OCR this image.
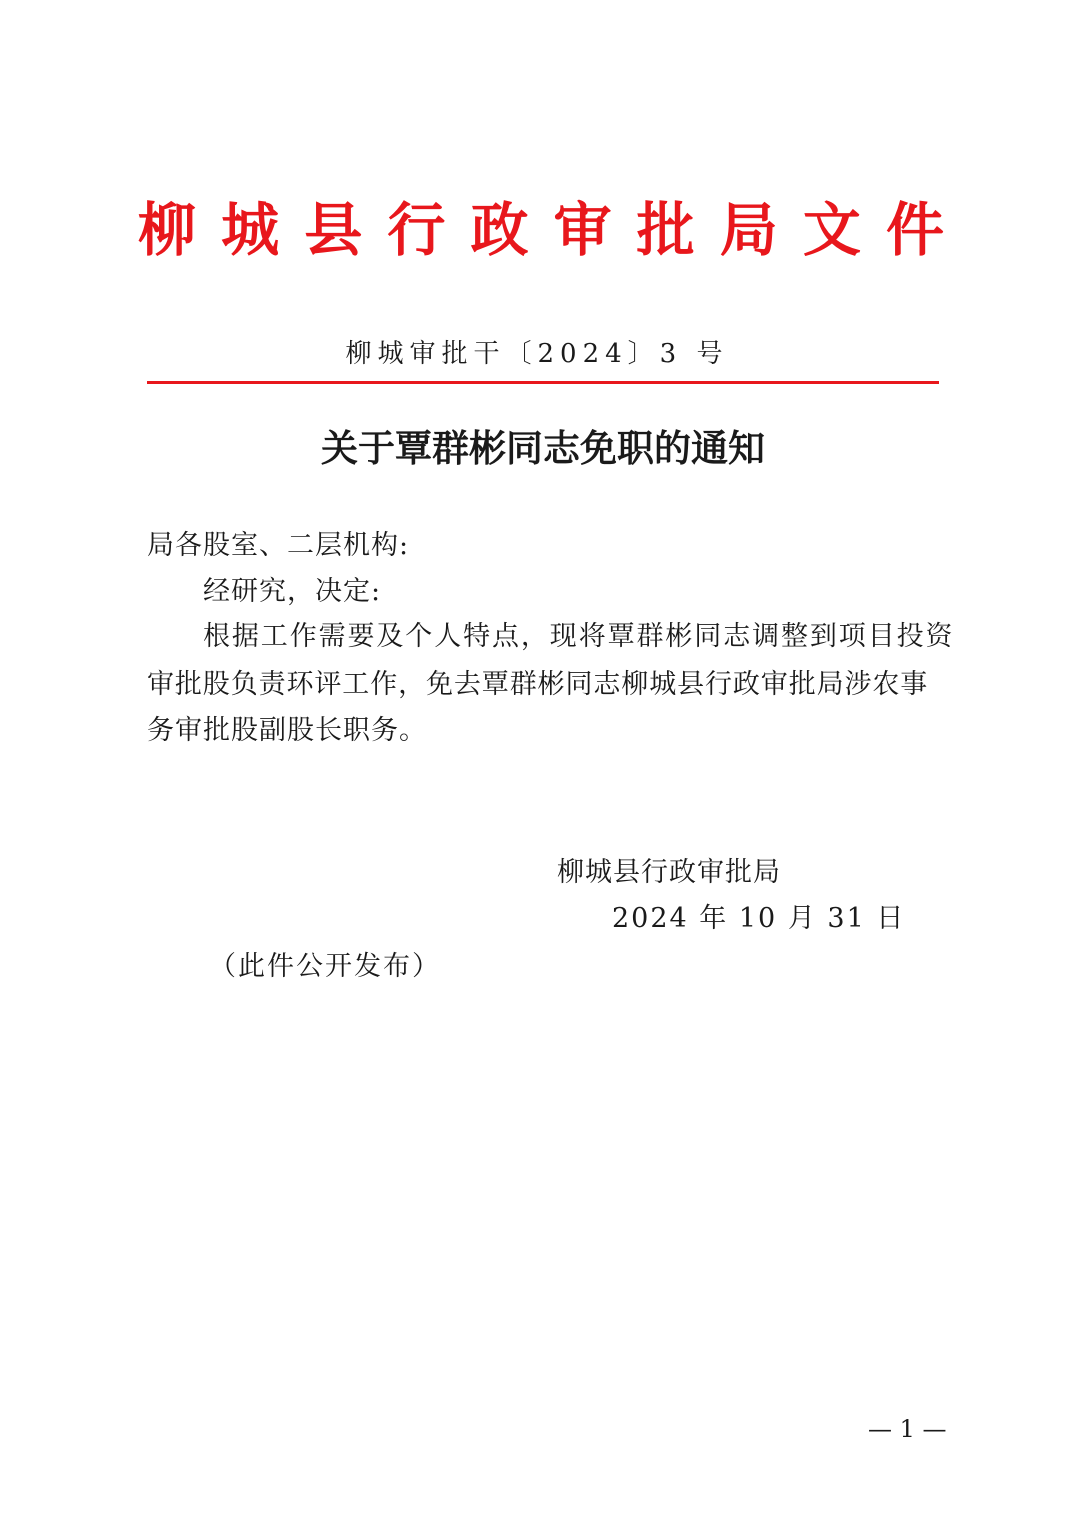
柳 城 县 行 政 审 批 局 文 件
柳城审批干〔2024〕3 号
关于覃群彬同志免职的通知
局各股室、二层机构:
经研究，决定:
根据工作需要及个人特点，现将覃群彬同志调整到项目投资
审批股负责环评工作，免去覃群彬同志柳城县行政审批局涉农事
务审批股副股长职务。
柳城县行政审批局
2024 年 10 月 31 日
（此件公开发布）
— 1 —
